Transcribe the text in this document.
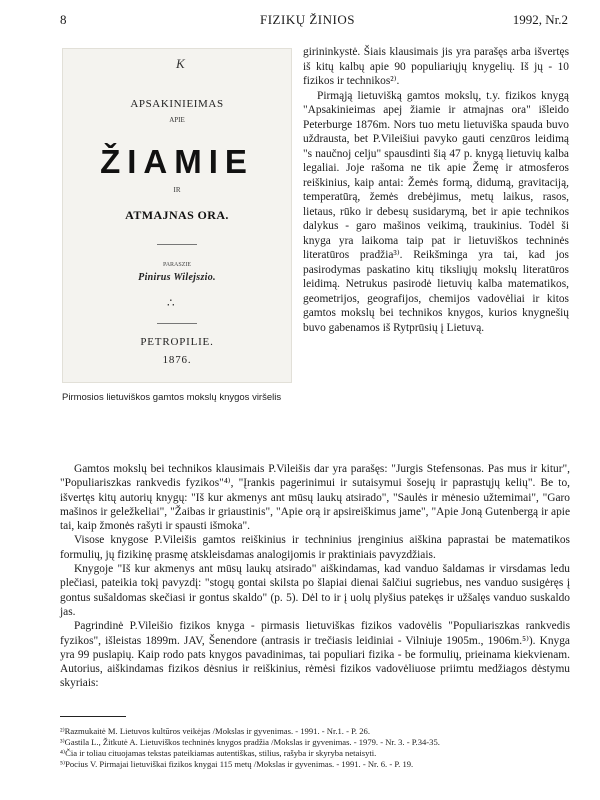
8	FIZIKŲ ŽINIOS	1992, Nr.2
K
APSAKINIEIMAS
APIE
ŽIAMIE
IR
ATMAJNAS ORA.
PARASZIE
Pinirus Wilejszio.
∴
PETROPILIE.
1876.
Pirmosios lietuviškos gamtos mokslų knygos viršelis

girininkystė. Šiais klausimais jis yra parašęs arba išvertęs iš kitų kalbų apie 90 populiariųjų knygelių. Iš jų - 10 fizikos ir technikos²⁾.

Pirmąją lietuvišką gamtos mokslų, t.y. fizikos knygą "Apsakinieimas apej žiamie ir atmajnas ora" išleido Peterburge 1876m. Nors tuo metu lietuviška spauda buvo uždrausta, bet P.Vileišiui pavyko gauti cenzūros leidimą "s naučnoj celju" spausdinti šią 47 p. knygą lietuvių kalba legaliai. Joje rašoma ne tik apie Žemę ir atmosferos reiškinius, kaip antai: Žemės formą, didumą, gravitaciją, temperatūrą, žemės drebėjimus, metų laikus, rasos, lietaus, rūko ir debesų susidarymą, bet ir apie technikos dalykus - garo mašinos veikimą, traukinius. Todėl ši knyga yra laikoma taip pat ir lietuviškos techninės literatūros pradžia³⁾. Reikšminga yra tai, kad jos pasirodymas paskatino kitų tiksliųjų mokslų literatūros leidimą. Netrukus pasirodė lietuvių kalba matematikos, geometrijos, geografijos, chemijos vadovėliai ir kitos gamtos mokslų bei technikos knygos, kurios knygnešių buvo gabenamos iš Rytprūsių į Lietuvą.

Gamtos mokslų bei technikos klausimais P.Vileišis dar yra parašęs: "Jurgis Stefensonas. Pas mus ir kitur", "Populiariszkas rankvedis fyzikos"⁴⁾, "Įrankis pagerinimui ir sutaisymui šosejų ir paprastųjų kelių". Be to, išvertęs kitų autorių knygų: "Iš kur akmenys ant mūsų laukų atsirado", "Saulės ir mėnesio užtemimai", "Garo mašinos ir geležkeliai", "Žaibas ir griaustinis", "Apie orą ir apsireiškimus jame", "Apie Joną Gutenbergą ir apie tai, kaip žmonės rašyti ir spausti išmoka".

Visose knygose P.Vileišis gamtos reiškinius ir techninius įrenginius aiškina paprastai be matematikos formulių, jų fizikinę prasmę atskleisdamas analogijomis ir praktiniais pavyzdžiais.

Knygoje "Iš kur akmenys ant mūsų laukų atsirado" aiškindamas, kad vanduo šaldamas ir virsdamas ledu plečiasi, pateikia tokį pavyzdį: "stogų gontai skilsta po šlapiai dienai šalčiui sugriebus, nes vanduo susigėręs į gontus sušaldomas skečiasi ir gontus skaldo" (p. 5). Dėl to ir į uolų plyšius patekęs ir užšalęs vanduo suskaldo jas.

Pagrindinė P.Vileišio fizikos knyga - pirmasis lietuviškas fizikos vadovėlis "Populiariszkas rankvedis fyzikos", išleistas 1899m. JAV, Šenendore (antrasis ir trečiasis leidiniai - Vilniuje 1905m., 1906m.⁵⁾). Knyga yra 99 puslapių. Kaip rodo pats knygos pavadinimas, tai populiari fizika - be formulių, prieinama kiekvienam. Autorius, aiškindamas fizikos dėsnius ir reiškinius, rėmėsi fizikos vadovėliuose priimtu medžiagos dėstymu skyriais:

²⁾Razmukaitė M. Lietuvos kultūros veikėjas /Mokslas ir gyvenimas. - 1991. - Nr.1. - P. 26.
³⁾Gastila L., Žitkutė A. Lietuviškos techninės knygos pradžia /Mokslas ir gyvenimas. - 1979. - Nr. 3. - P.34-35.
⁴⁾Čia ir toliau cituojamas tekstas pateikiamas autentiškas, stilius, rašyba ir skyryba netaisyti.
⁵⁾Pocius V. Pirmajai lietuviškai fizikos knygai 115 metų /Mokslas ir gyvenimas. - 1991. - Nr. 6. - P. 19.
